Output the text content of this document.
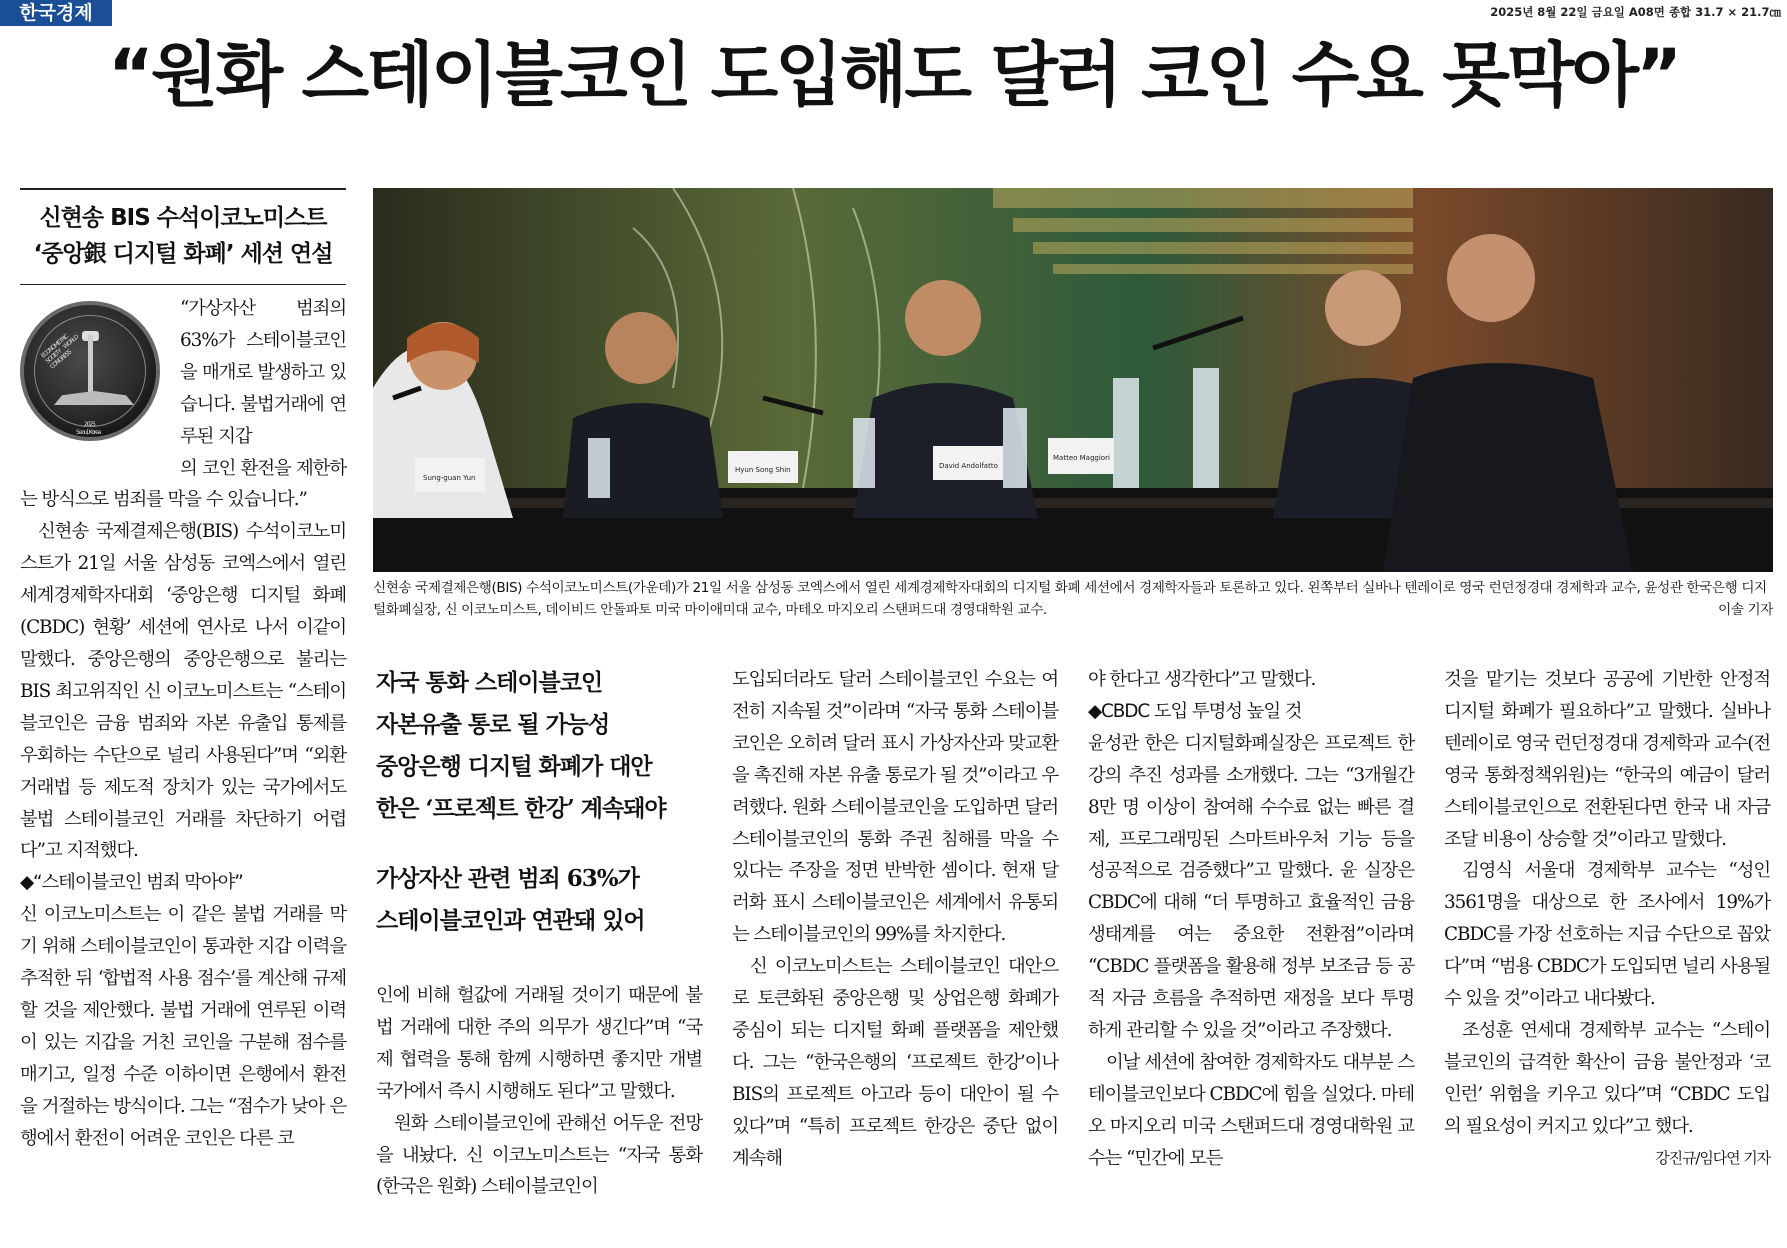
한국경제	2025년 8월 22일 금요일 A08면 종합 31.7 × 21.7㎝
“원화 스테이블코인 도입해도 달러 코인 수요 못막아”
신현송 BIS 수석이코노미스트
‘중앙銀 디지털 화폐’ 세션 연설
ECONOMETRIC SOCIETY WORLD CONGRESS
2025
Seoul, Korea

“가상자산 범죄의 63%가 스테이블코인을 매개로 발생하고 있습니다. 불법거래에 연루된 지갑

의 코인 환전을 제한하는 방식으로 범죄를 막을 수 있습니다.”

신현송 국제결제은행(BIS) 수석이코노미스트가 21일 서울 삼성동 코엑스에서 열린 세계경제학자대회 ‘중앙은행 디지털 화폐(CBDC) 현황’ 세션에 연사로 나서 이같이 말했다. 중앙은행의 중앙은행으로 불리는 BIS 최고위직인 신 이코노미스트는 “스테이블코인은 금융 범죄와 자본 유출입 통제를 우회하는 수단으로 널리 사용된다”며 “외환거래법 등 제도적 장치가 있는 국가에서도 불법 스테이블코인 거래를 차단하기 어렵다”고 지적했다.

◆“스테이블코인 범죄 막아야”

신 이코노미스트는 이 같은 불법 거래를 막기 위해 스테이블코인이 통과한 지갑 이력을 추적한 뒤 ‘합법적 사용 점수’를 계산해 규제할 것을 제안했다. 불법 거래에 연루된 이력이 있는 지갑을 거친 코인을 구분해 점수를 매기고, 일정 수준 이하이면 은행에서 환전을 거절하는 방식이다. 그는 “점수가 낮아 은행에서 환전이 어려운 코인은 다른 코

Sung-guan Yun
Hyun Song Shin	David Andolfatto
Matteo Maggiori
신현송 국제결제은행(BIS) 수석이코노미스트(가운데)가 21일 서울 삼성동 코엑스에서 열린 세계경제학자대회의 디지털 화폐 세션에서 경제학자들과 토론하고 있다. 왼쪽부터 실바나 텐레이로 영국 런던정경대 경제학과 교수, 윤성관 한국은행 디지털화폐실장, 신 이코노미스트, 데이비드 안돌파토 미국 마이애미대 교수, 마테오 마지오리 스탠퍼드대 경영대학원 교수.	이솔 기자
자국 통화 스테이블코인
자본유출 통로 될 가능성
중앙은행 디지털 화폐가 대안
한은 ‘프로젝트 한강’ 계속돼야
가상자산 관련 범죄 63%가
스테이블코인과 연관돼 있어

인에 비해 헐값에 거래될 것이기 때문에 불법 거래에 대한 주의 의무가 생긴다”며 “국제 협력을 통해 함께 시행하면 좋지만 개별 국가에서 즉시 시행해도 된다”고 말했다.

원화 스테이블코인에 관해선 어두운 전망을 내놨다. 신 이코노미스트는 “자국 통화(한국은 원화) 스테이블코인이

도입되더라도 달러 스테이블코인 수요는 여전히 지속될 것”이라며 “자국 통화 스테이블코인은 오히려 달러 표시 가상자산과 맞교환을 촉진해 자본 유출 통로가 될 것”이라고 우려했다. 원화 스테이블코인을 도입하면 달러 스테이블코인의 통화 주권 침해를 막을 수 있다는 주장을 정면 반박한 셈이다. 현재 달러화 표시 스테이블코인은 세계에서 유통되는 스테이블코인의 99%를 차지한다.

신 이코노미스트는 스테이블코인 대안으로 토큰화된 중앙은행 및 상업은행 화폐가 중심이 되는 디지털 화폐 플랫폼을 제안했다. 그는 “한국은행의 ‘프로젝트 한강’이나 BIS의 프로젝트 아고라 등이 대안이 될 수 있다”며 “특히 프로젝트 한강은 중단 없이 계속해

야 한다고 생각한다”고 말했다.

◆CBDC 도입 투명성 높일 것

윤성관 한은 디지털화폐실장은 프로젝트 한강의 추진 성과를 소개했다. 그는 “3개월간 8만 명 이상이 참여해 수수료 없는 빠른 결제, 프로그래밍된 스마트바우처 기능 등을 성공적으로 검증했다”고 말했다. 윤 실장은 CBDC에 대해 “더 투명하고 효율적인 금융 생태계를 여는 중요한 전환점”이라며 “CBDC 플랫폼을 활용해 정부 보조금 등 공적 자금 흐름을 추적하면 재정을 보다 투명하게 관리할 수 있을 것”이라고 주장했다.

이날 세션에 참여한 경제학자도 대부분 스테이블코인보다 CBDC에 힘을 실었다. 마테오 마지오리 미국 스탠퍼드대 경영대학원 교수는 “민간에 모든

것을 맡기는 것보다 공공에 기반한 안정적 디지털 화폐가 필요하다”고 말했다. 실바나 텐레이로 영국 런던정경대 경제학과 교수(전 영국 통화정책위원)는 “한국의 예금이 달러 스테이블코인으로 전환된다면 한국 내 자금 조달 비용이 상승할 것”이라고 말했다.

김영식 서울대 경제학부 교수는 “성인 3561명을 대상으로 한 조사에서 19%가 CBDC를 가장 선호하는 지급 수단으로 꼽았다”며 “범용 CBDC가 도입되면 널리 사용될 수 있을 것”이라고 내다봤다.

조성훈 연세대 경제학부 교수는 “스테이블코인의 급격한 확산이 금융 불안정과 ‘코인런’ 위험을 키우고 있다”며 “CBDC 도입의 필요성이 커지고 있다”고 했다.

강진규/임다연 기자
